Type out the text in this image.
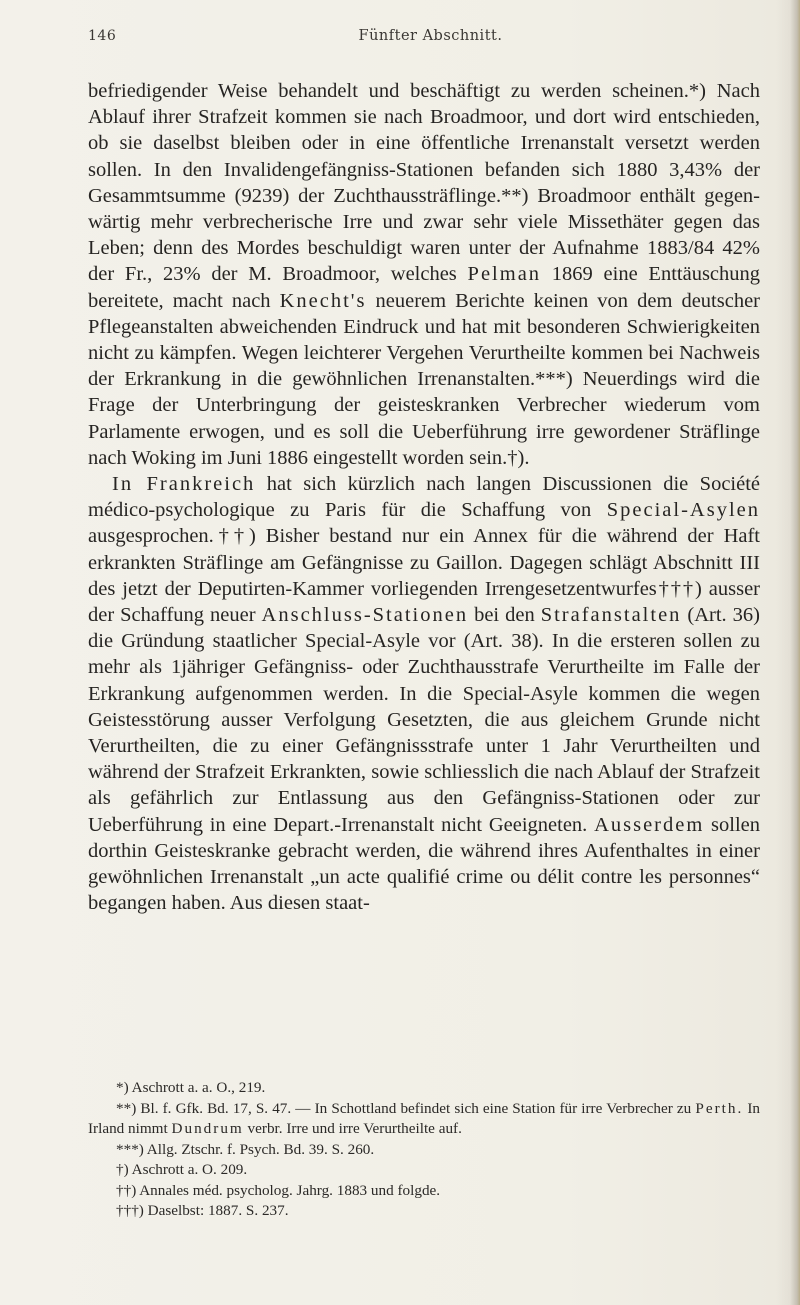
146	Fünfter Abschnitt.

befriedigender Weise behandelt und beschäftigt zu werden scheinen.*) Nach Ablauf ihrer Strafzeit kommen sie nach Broadmoor, und dort wird entschieden, ob sie daselbst bleiben oder in eine öffentliche Irrenanstalt versetzt werden sollen. In den Invalidengefängniss-Stationen befanden sich 1880 3,43% der Gesammtsumme (9239) der Zuchthaussträflinge.**) Broadmoor enthält gegenwärtig mehr verbrecherische Irre und zwar sehr viele Missethäter gegen das Leben; denn des Mordes beschuldigt waren unter der Aufnahme 1883/84 42% der Fr., 23% der M. Broadmoor, welches Pelman 1869 eine Enttäuschung bereitete, macht nach Knecht's neuerem Berichte keinen von dem deutscher Pflegeanstalten abweichenden Eindruck und hat mit besonderen Schwierigkeiten nicht zu kämpfen. Wegen leichterer Vergehen Verurtheilte kommen bei Nachweis der Erkrankung in die gewöhnlichen Irrenanstalten.***) Neuerdings wird die Frage der Unterbringung der geisteskranken Verbrecher wiederum vom Parlamente erwogen, und es soll die Ueberführung irre gewordener Sträflinge nach Woking im Juni 1886 eingestellt worden sein.†).

In Frankreich hat sich kürzlich nach langen Discussionen die Société médico-psychologique zu Paris für die Schaffung von Special-Asylen ausgesprochen.††) Bisher bestand nur ein Annex für die während der Haft erkrankten Sträflinge am Gefängnisse zu Gaillon. Dagegen schlägt Abschnitt III des jetzt der Deputirten-Kammer vorliegenden Irrengesetzentwurfes†††) ausser der Schaffung neuer Anschluss-Stationen bei den Strafanstalten (Art. 36) die Gründung staatlicher Special-Asyle vor (Art. 38). In die ersteren sollen zu mehr als 1jähriger Gefängniss- oder Zuchthausstrafe Verurtheilte im Falle der Erkrankung aufgenommen werden. In die Special-Asyle kommen die wegen Geistesstörung ausser Verfolgung Gesetzten, die aus gleichem Grunde nicht Verurtheilten, die zu einer Gefängnissstrafe unter 1 Jahr Verurtheilten und während der Strafzeit Erkrankten, sowie schliesslich die nach Ablauf der Strafzeit als gefährlich zur Entlassung aus den Gefängniss-Stationen oder zur Ueberführung in eine Depart.-Irrenanstalt nicht Geeigneten. Ausserdem sollen dorthin Geisteskranke gebracht werden, die während ihres Aufenthaltes in einer gewöhnlichen Irrenanstalt „un acte qualifié crime ou délit contre les personnes“ begangen haben. Aus diesen staat-

*) Aschrott a. a. O., 219.

**) Bl. f. Gfk. Bd. 17, S. 47. — In Schottland befindet sich eine Station für irre Verbrecher zu Perth. In Irland nimmt Dundrum verbr. Irre und irre Verurtheilte auf.

***) Allg. Ztschr. f. Psych. Bd. 39. S. 260.

†) Aschrott a. O. 209.

††) Annales méd. psycholog. Jahrg. 1883 und folgde.

†††) Daselbst: 1887. S. 237.
